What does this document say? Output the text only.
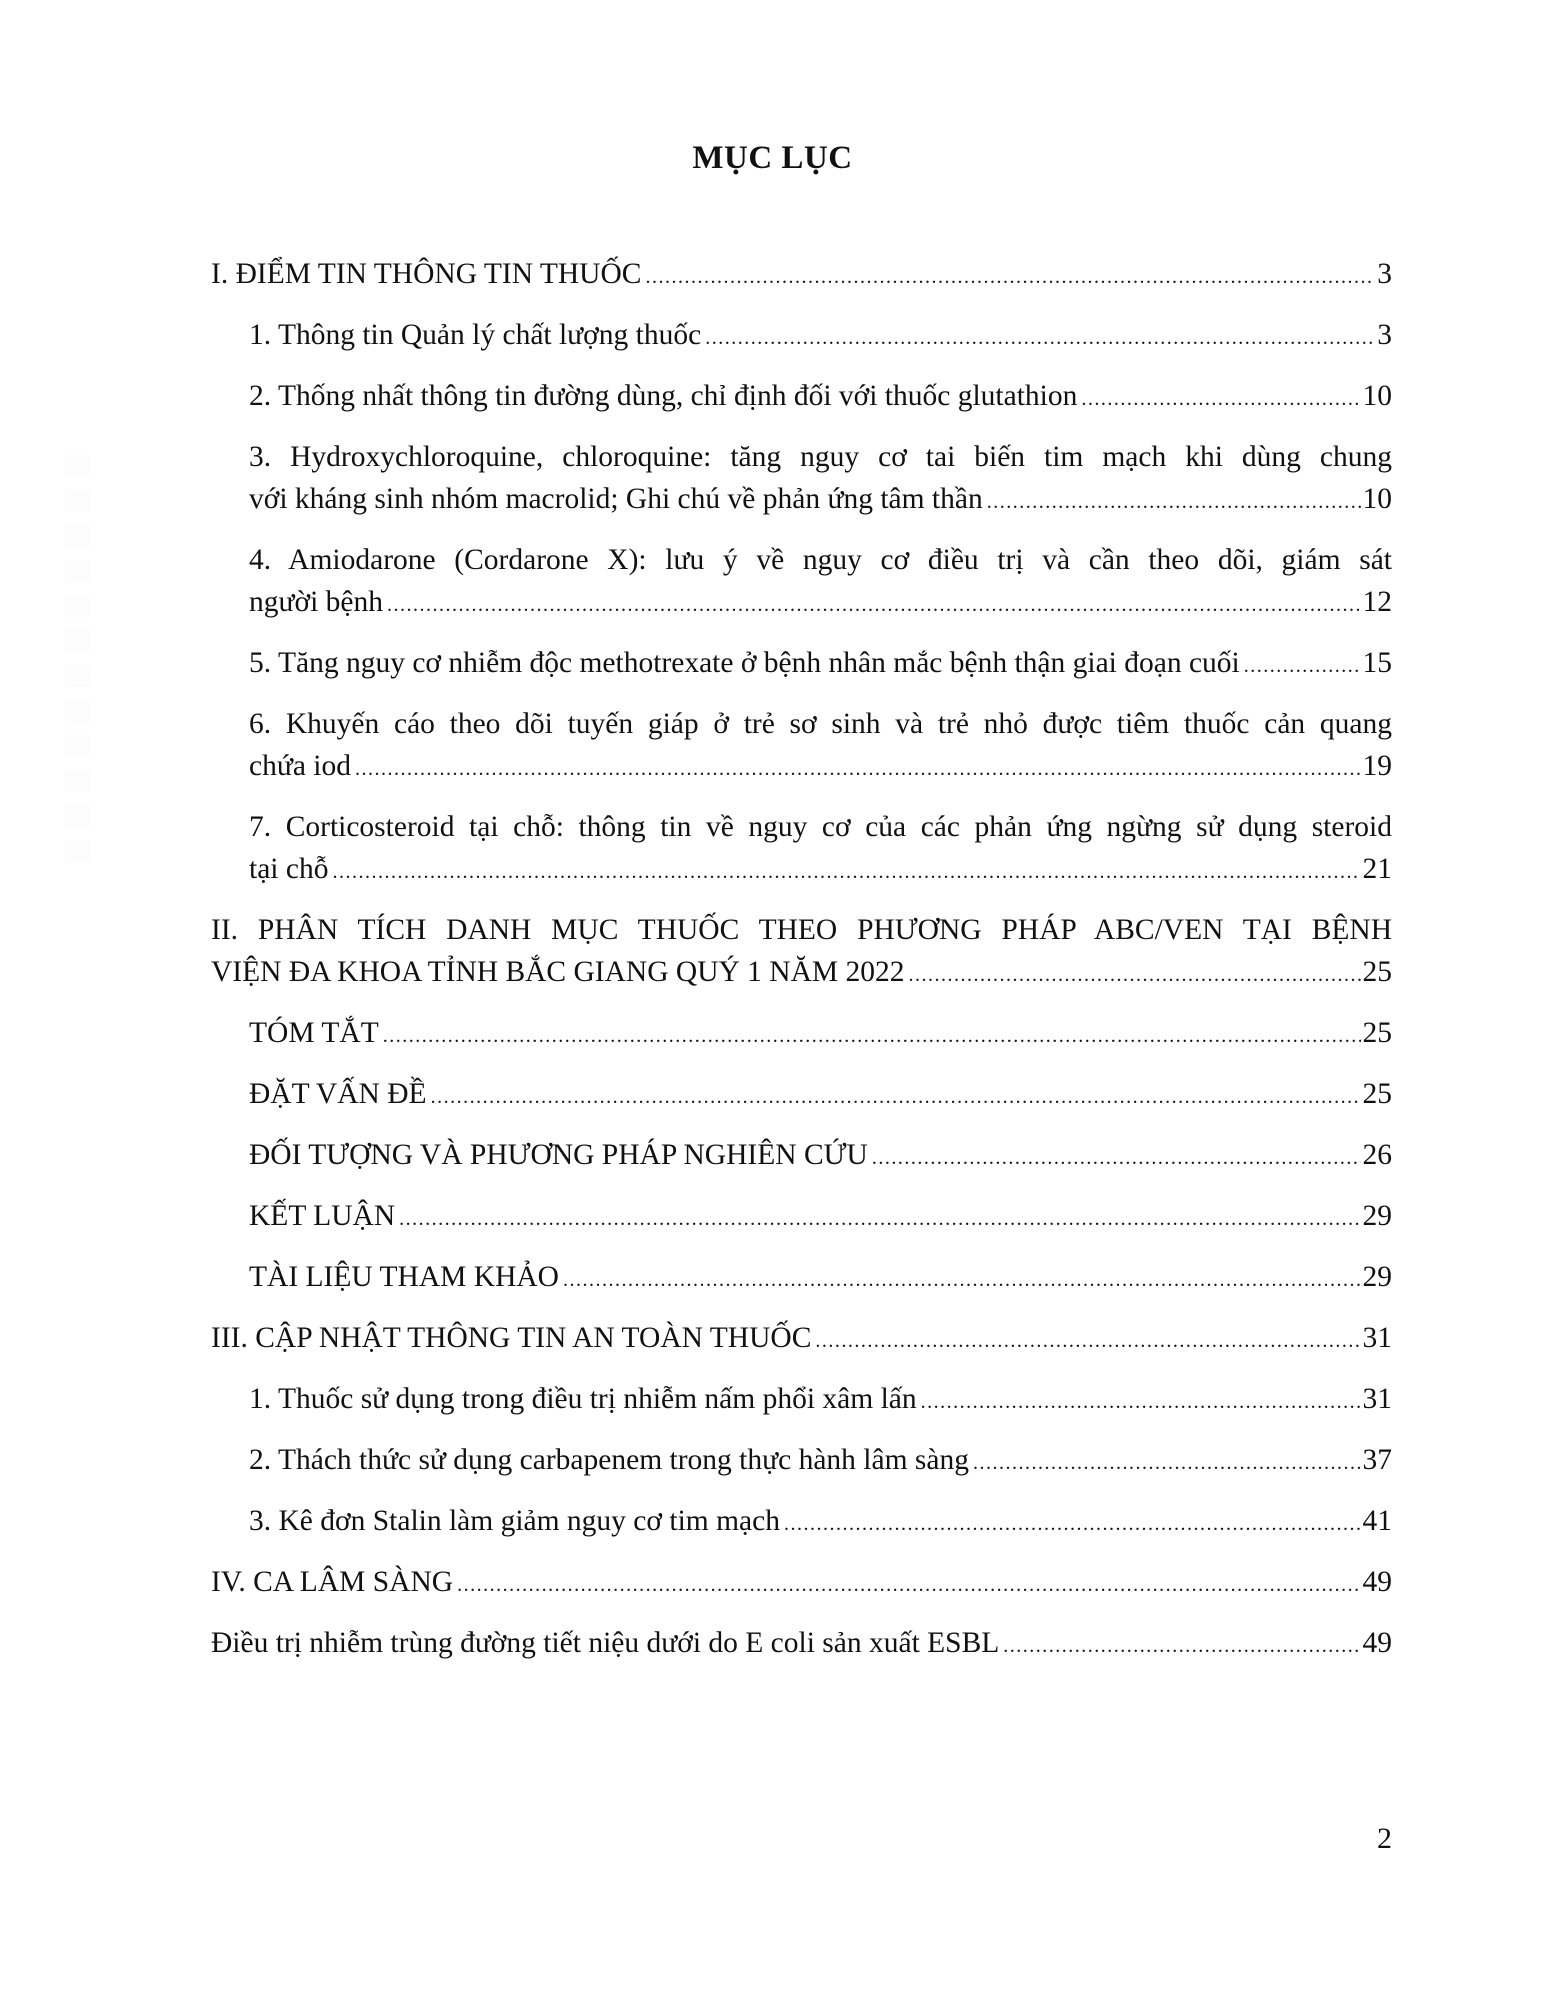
MỤC LỤC
I. ĐIỂM TIN THÔNG TIN THUỐC .....	3
1. Thông tin Quản lý chất lượng thuốc .....	3
2. Thống nhất thông tin đường dùng, chỉ định đối với thuốc glutathion .....	10
3. Hydroxychloroquine, chloroquine: tăng nguy cơ tai biến tim mạch khi dùng chung
với kháng sinh nhóm macrolid; Ghi chú về phản ứng tâm thần .....	10
4. Amiodarone (Cordarone X): lưu ý về nguy cơ điều trị và cần theo dõi, giám sát
người bệnh .....	12
5. Tăng nguy cơ nhiễm độc methotrexate ở bệnh nhân mắc bệnh thận giai đoạn cuối .....	15
6. Khuyến cáo theo dõi tuyến giáp ở trẻ sơ sinh và trẻ nhỏ được tiêm thuốc cản quang
chứa iod .....	19
7. Corticosteroid tại chỗ: thông tin về nguy cơ của các phản ứng ngừng sử dụng steroid
tại chỗ .....	21
II. PHÂN TÍCH DANH MỤC THUỐC THEO PHƯƠNG PHÁP ABC/VEN TẠI BỆNH
VIỆN ĐA KHOA TỈNH BẮC GIANG QUÝ 1 NĂM 2022 .....	25
TÓM TẮT .....	25
ĐẶT VẤN ĐỀ .....	25
ĐỐI TƯỢNG VÀ PHƯƠNG PHÁP NGHIÊN CỨU .....	26
KẾT LUẬN .....	29
TÀI LIỆU THAM KHẢO .....	29
III. CẬP NHẬT THÔNG TIN AN TOÀN THUỐC .....	31
1. Thuốc sử dụng trong điều trị nhiễm nấm phổi xâm lấn .....	31
2. Thách thức sử dụng carbapenem trong thực hành lâm sàng .....	37
3. Kê đơn Stalin làm giảm nguy cơ tim mạch .....	41
IV. CA LÂM SÀNG .....	49
Điều trị nhiễm trùng đường tiết niệu dưới do E coli sản xuất ESBL .....	49
2
